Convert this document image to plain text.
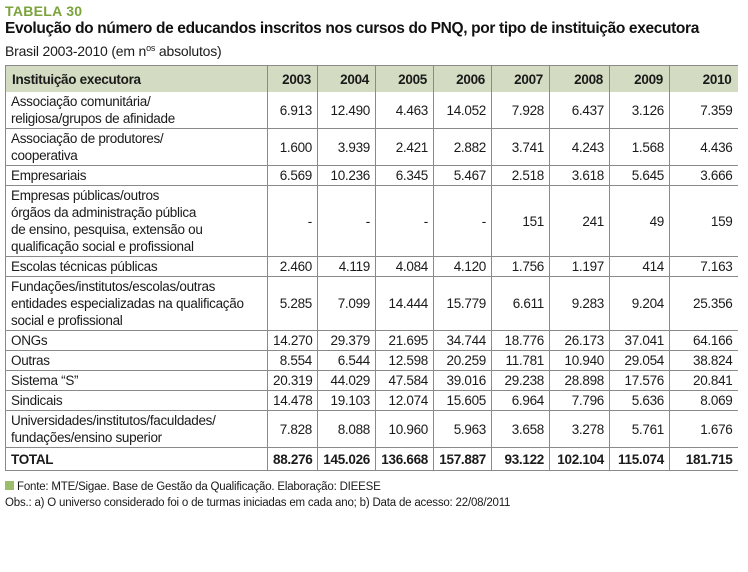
TABELA 30
Evolução do número de educandos inscritos nos cursos do PNQ, por tipo de instituição executora
Brasil 2003-2010 (em $n^{os}$ absolutos)
Instituição executora	2003	2004	2005	2006	2007	2008	2009	2010

Associação comunitária/
religiosa/grupos de afinidade	6.913	12.490	4.463	14.052	7.928	6.437	3.126	7.359

Associação de produtores/
cooperativa	1.600	3.939	2.421	2.882	3.741	4.243	1.568	4.436

Empresariais	6.569	10.236	6.345	5.467	2.518	3.618	5.645	3.666

Empresas públicas/outros
órgãos da administração pública
de ensino, pesquisa, extensão ou
qualificação social e profissional	-	-	-	-	151	241	49	159

Escolas técnicas públicas	2.460	4.119	4.084	4.120	1.756	1.197	414	7.163

Fundações/institutos/escolas/outras
entidades especializadas na qualificação
social e profissional	5.285	7.099	14.444	15.779	6.611	9.283	9.204	25.356

ONGs	14.270	29.379	21.695	34.744	18.776	26.173	37.041	64.166

Outras	8.554	6.544	12.598	20.259	11.781	10.940	29.054	38.824

Sistema “S”	20.319	44.029	47.584	39.016	29.238	28.898	17.576	20.841

Sindicais	14.478	19.103	12.074	15.605	6.964	7.796	5.636	8.069

Universidades/institutos/faculdades/
fundações/ensino superior	7.828	8.088	10.960	5.963	3.658	3.278	5.761	1.676
TOTAL	88.276	145.026	136.668	157.887	93.122	102.104	115.074	181.715
Fonte: MTE/Sigae. Base de Gestão da Qualificação. Elaboração: DIEESE
Obs.: a) O universo considerado foi o de turmas iniciadas em cada ano; b) Data de acesso: 22/08/2011
